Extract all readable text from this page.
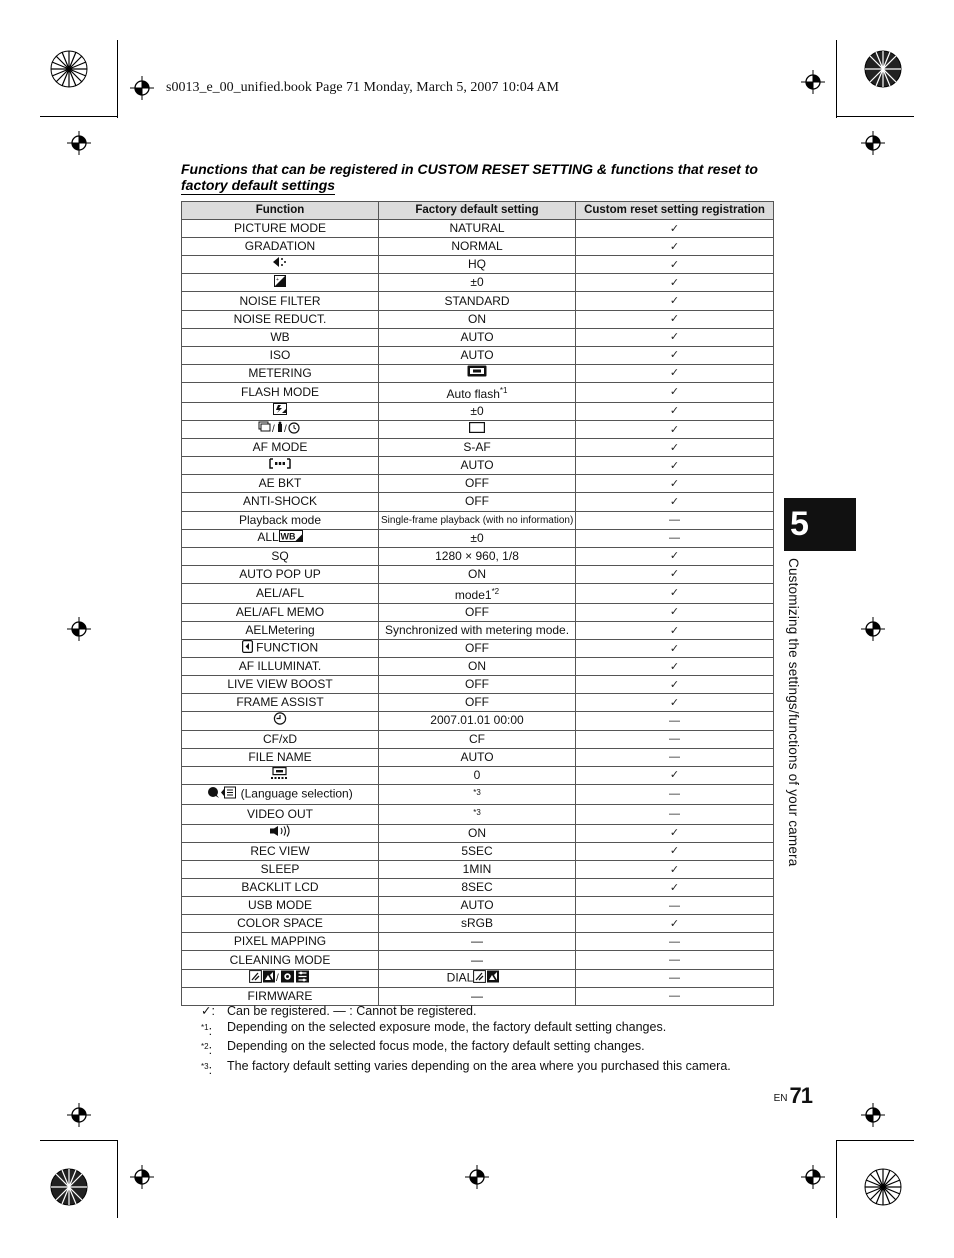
s0013_e_00_unified.book Page 71 Monday, March 5, 2007 10:04 AM
Functions that can be registered in CUSTOM RESET SETTING & functions that reset to
factory default settings
Function	Factory default setting	Custom reset setting registration
PICTURE MODE	NATURAL	✓
GRADATION	NORMAL	✓
	HQ	✓

+	±0	✓
NOISE FILTER	STANDARD	✓
NOISE REDUCT.	ON	✓
WB	AUTO	✓
ISO	AUTO	✓
METERING		✓
FLASH MODE	Auto flash$^{*1}$	✓
	±0	✓

/ /		✓
AF MODE	S-AF	✓
	AUTO	✓
AE BKT	OFF	✓
ANTI-SHOCK	OFF	✓
Playback mode	Single-frame playback (with no information)	—
ALL WB	±0	—
SQ	1280 × 960, 1/8	✓
AUTO POP UP	ON	✓
AEL/AFL	mode1$^{*2}$	✓
AEL/AFL MEMO	OFF	✓
AELMetering	Synchronized with metering mode.	✓
FUNCTION	OFF	✓
AF ILLUMINAT.	ON	✓
LIVE VIEW BOOST	OFF	✓
FRAME ASSIST	OFF	✓
	2007.01.01 00:00	—
CF/xD	CF	—
FILE NAME	AUTO	—
	0	✓
(Language selection)	$^{*3}$	—
VIDEO OUT	$^{*3}$	—
	ON	✓
REC VIEW	5SEC	✓
SLEEP	1MIN	✓
BACKLIT LCD	8SEC	✓
USB MODE	AUTO	—
COLOR SPACE	sRGB	✓
PIXEL MAPPING	—	—
CLEANING MODE	—	—

/	DIAL	—
FIRMWARE	—	—
✓: Can be registered. — : Cannot be registered.
$^{*1}$:	Depending on the selected exposure mode, the factory default setting changes.
$^{*2}$:	Depending on the selected focus mode, the factory default setting changes.
$^{*3}$:	The factory default setting varies depending on the area where you purchased this camera.
5
Customizing the settings/functions of your camera
EN71
